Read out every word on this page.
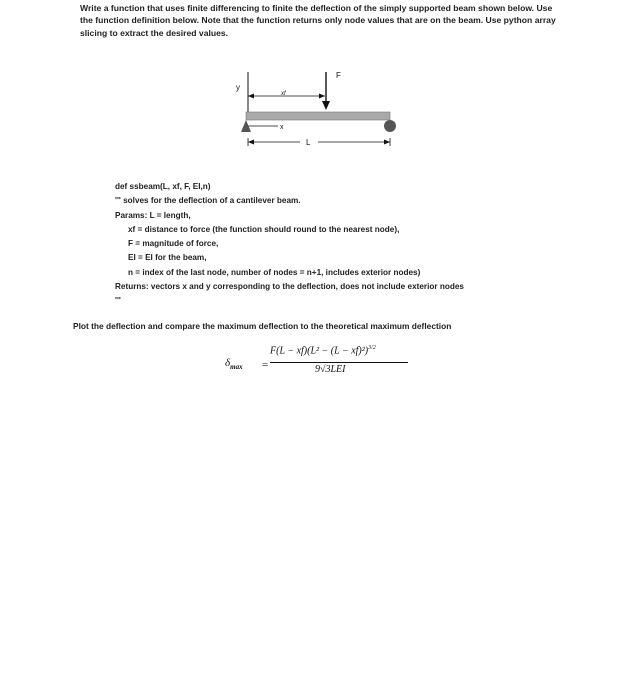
Write a function that uses finite differencing to finite the deflection of the simply supported beam shown below. Use the function definition below. Note that the function returns only node values that are on the beam. Use python array slicing to extract the desired values.
y
xf
F
x
L
def ssbeam(L, xf, F, EI,n)
''' solves for the deflection of a cantilever beam.
Params: L = length,
xf = distance to force (the function should round to the nearest node),
F = magnitude of force,
EI = EI for the beam,
n = index of the last node, number of nodes = n+1, includes exterior nodes)
Returns: vectors x and y corresponding to the deflection, does not include exterior nodes
'''
Plot the deflection and compare the maximum deflection to the theoretical maximum deflection
$\delta_{max}$ =
$F(L - xf)(L^2 - (L - xf)^2)^{3/2}$
9√3LEI
